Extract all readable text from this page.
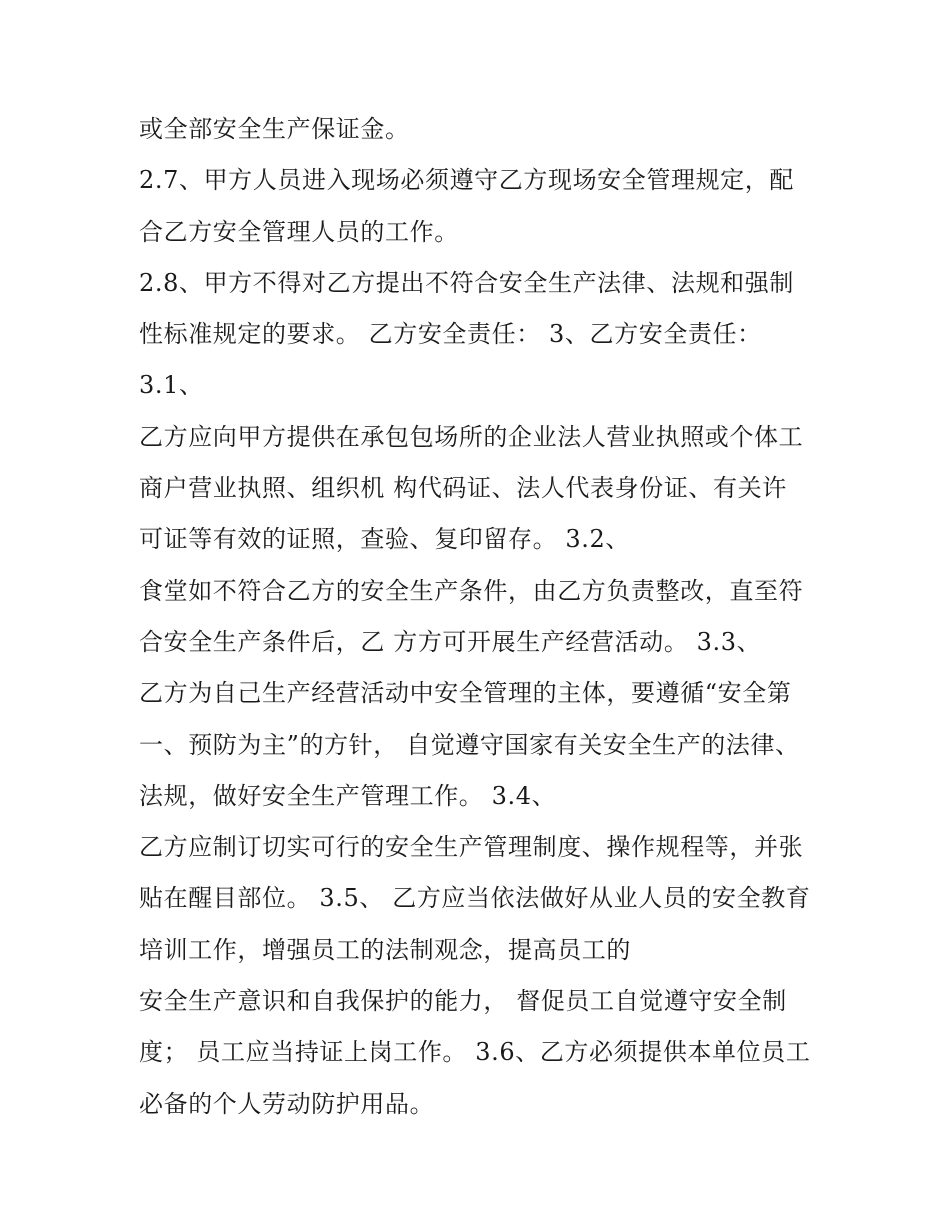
或全部安全生产保证金。
2.7、甲方人员进入现场必须遵守乙方现场安全管理规定，配
合乙方安全管理人员的工作。
2.8、甲方不得对乙方提出不符合安全生产法律、法规和强制
性标准规定的要求。 乙方安全责任： 3、乙方安全责任：
3.1、
乙方应向甲方提供在承包包场所的企业法人营业执照或个体工
商户营业执照、组织机 构代码证、法人代表身份证、有关许
可证等有效的证照，查验、复印留存。 3.2、
食堂如不符合乙方的安全生产条件，由乙方负责整改，直至符
合安全生产条件后，乙 方方可开展生产经营活动。 3.3、
乙方为自己生产经营活动中安全管理的主体，要遵循“安全第
一、预防为主”的方针， 自觉遵守国家有关安全生产的法律、
法规，做好安全生产管理工作。 3.4、
乙方应制订切实可行的安全生产管理制度、操作规程等，并张
贴在醒目部位。 3.5、 乙方应当依法做好从业人员的安全教育
培训工作，增强员工的法制观念，提高员工的
安全生产意识和自我保护的能力， 督促员工自觉遵守安全制
度； 员工应当持证上岗工作。 3.6、乙方必须提供本单位员工
必备的个人劳动防护用品。
